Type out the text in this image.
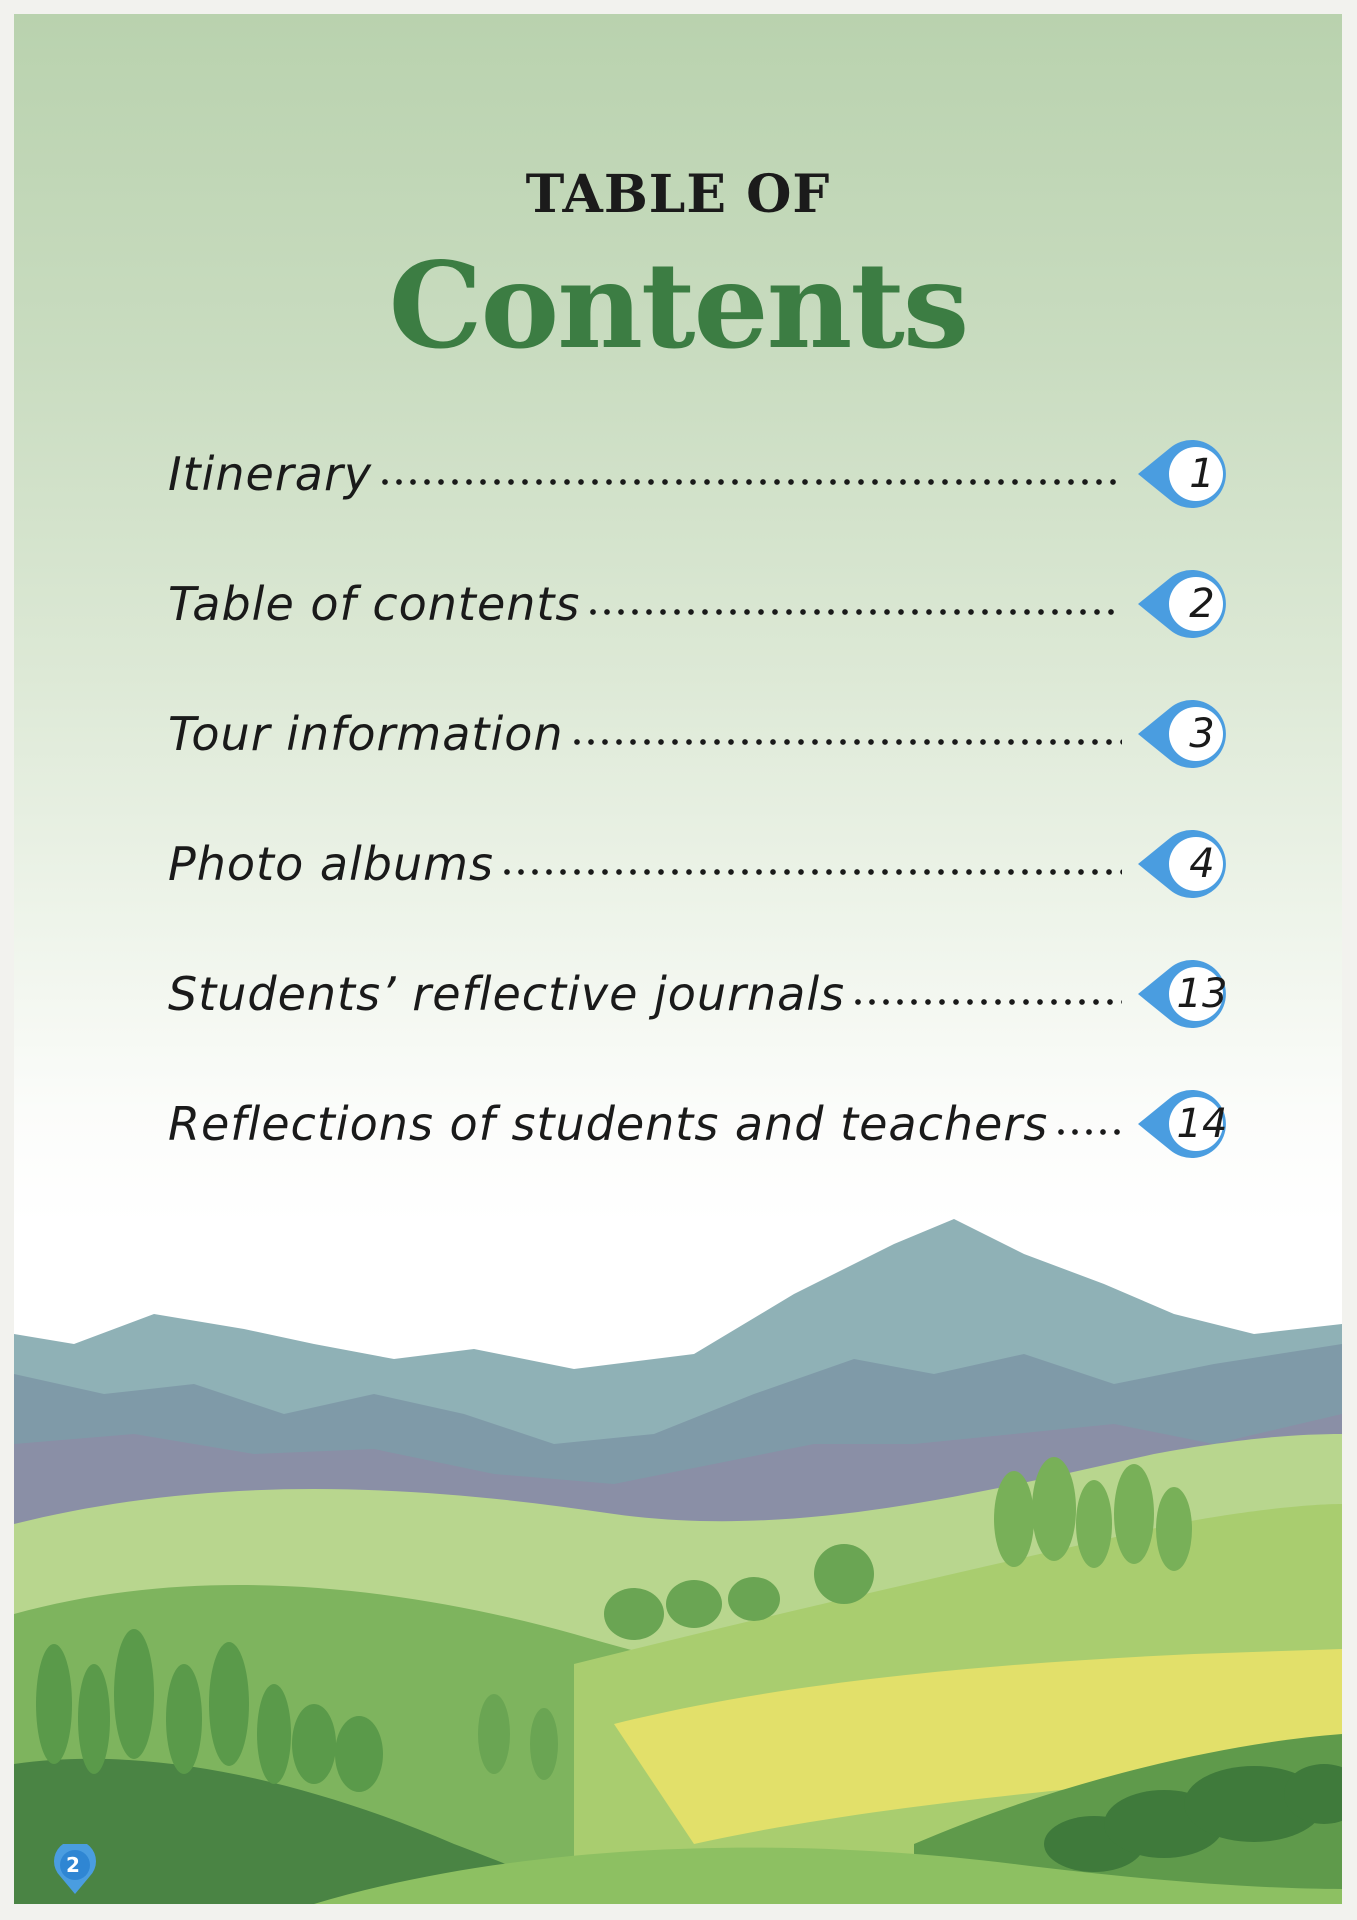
TABLE OF
Contents
Itinerary	1
Table of contents	2
Tour information	3
Photo albums	4
Students’ reflective journals	13
Reflections of students and teachers	14
2
